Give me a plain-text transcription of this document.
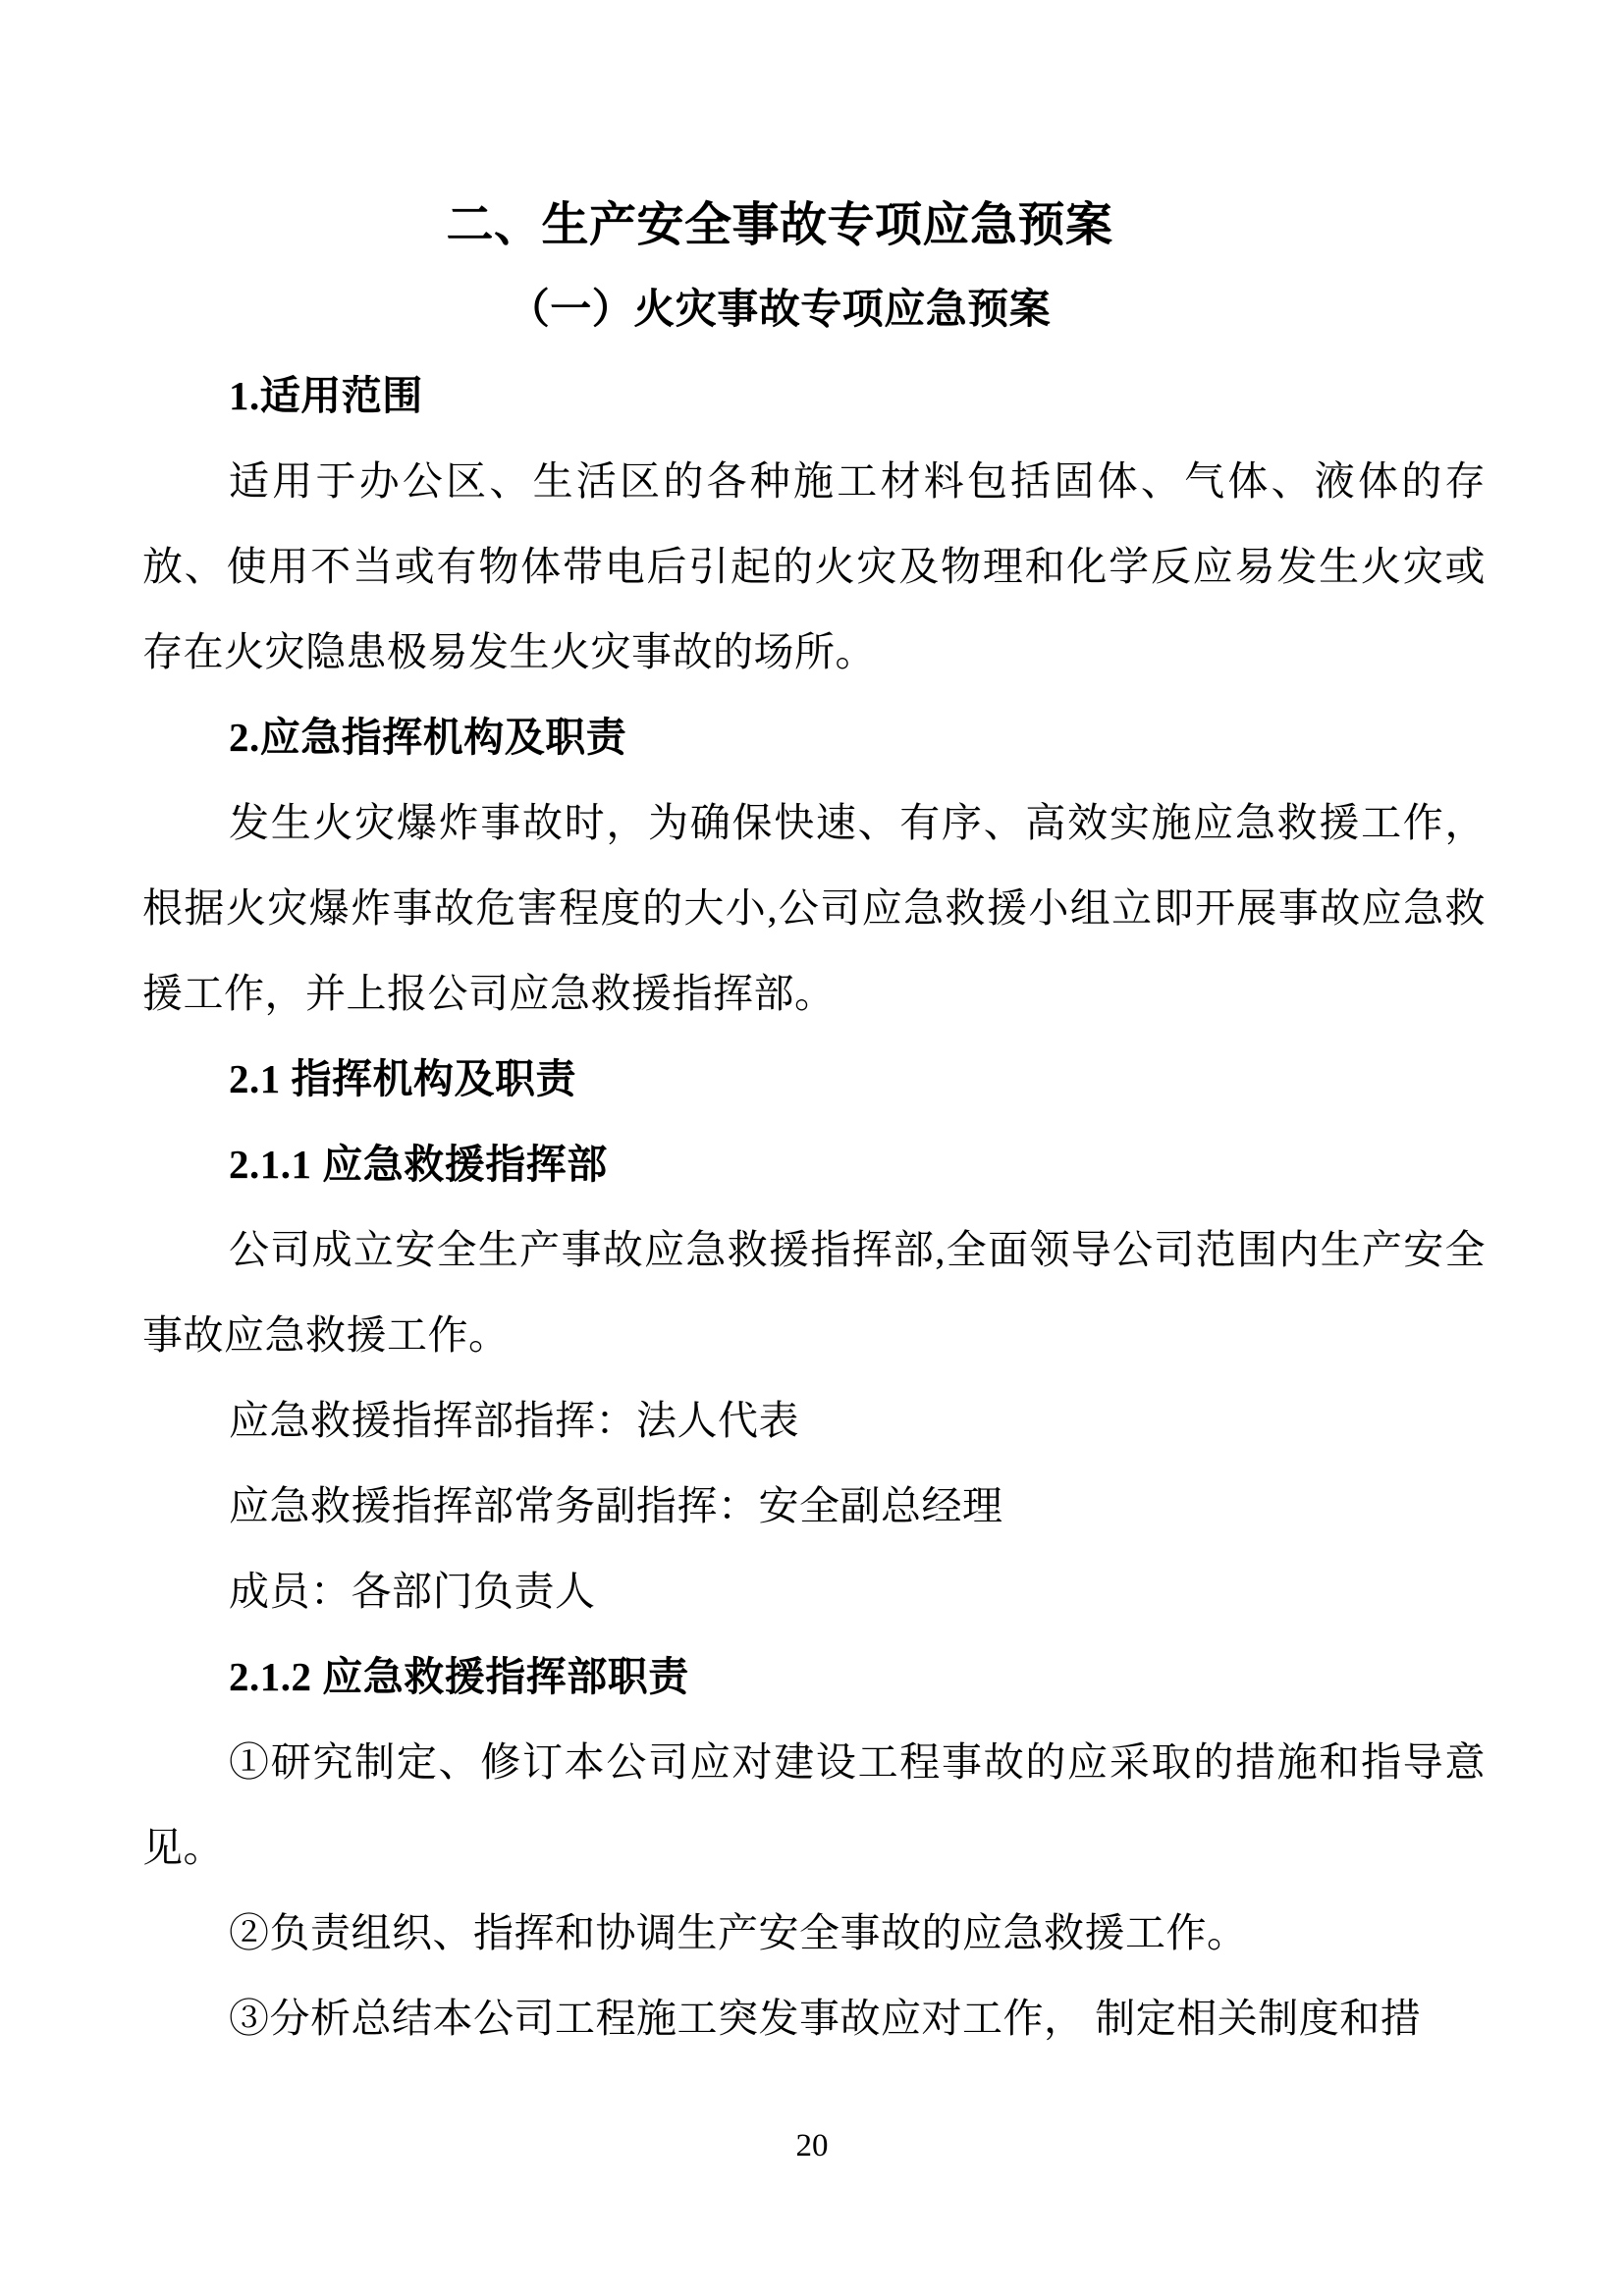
二、生产安全事故专项应急预案
（一）火灾事故专项应急预案
1.适用范围
适用于办公区、生活区的各种施工材料包括固体、气体、液体的存放、使用不当或有物体带电后引起的火灾及物理和化学反应易发生火灾或存在火灾隐患极易发生火灾事故的场所。
2.应急指挥机构及职责
发生火灾爆炸事故时，为确保快速、有序、高效实施应急救援工作，根据火灾爆炸事故危害程度的大小,公司应急救援小组立即开展事故应急救援工作，并上报公司应急救援指挥部。
2.1 指挥机构及职责
2.1.1 应急救援指挥部
公司成立安全生产事故应急救援指挥部,全面领导公司范围内生产安全事故应急救援工作。
应急救援指挥部指挥：法人代表
应急救援指挥部常务副指挥：安全副总经理
成员：各部门负责人
2.1.2 应急救援指挥部职责
①研究制定、修订本公司应对建设工程事故的应采取的措施和指导意见。
②负责组织、指挥和协调生产安全事故的应急救援工作。
③分析总结本公司工程施工突发事故应对工作， 制定相关制度和措
20
